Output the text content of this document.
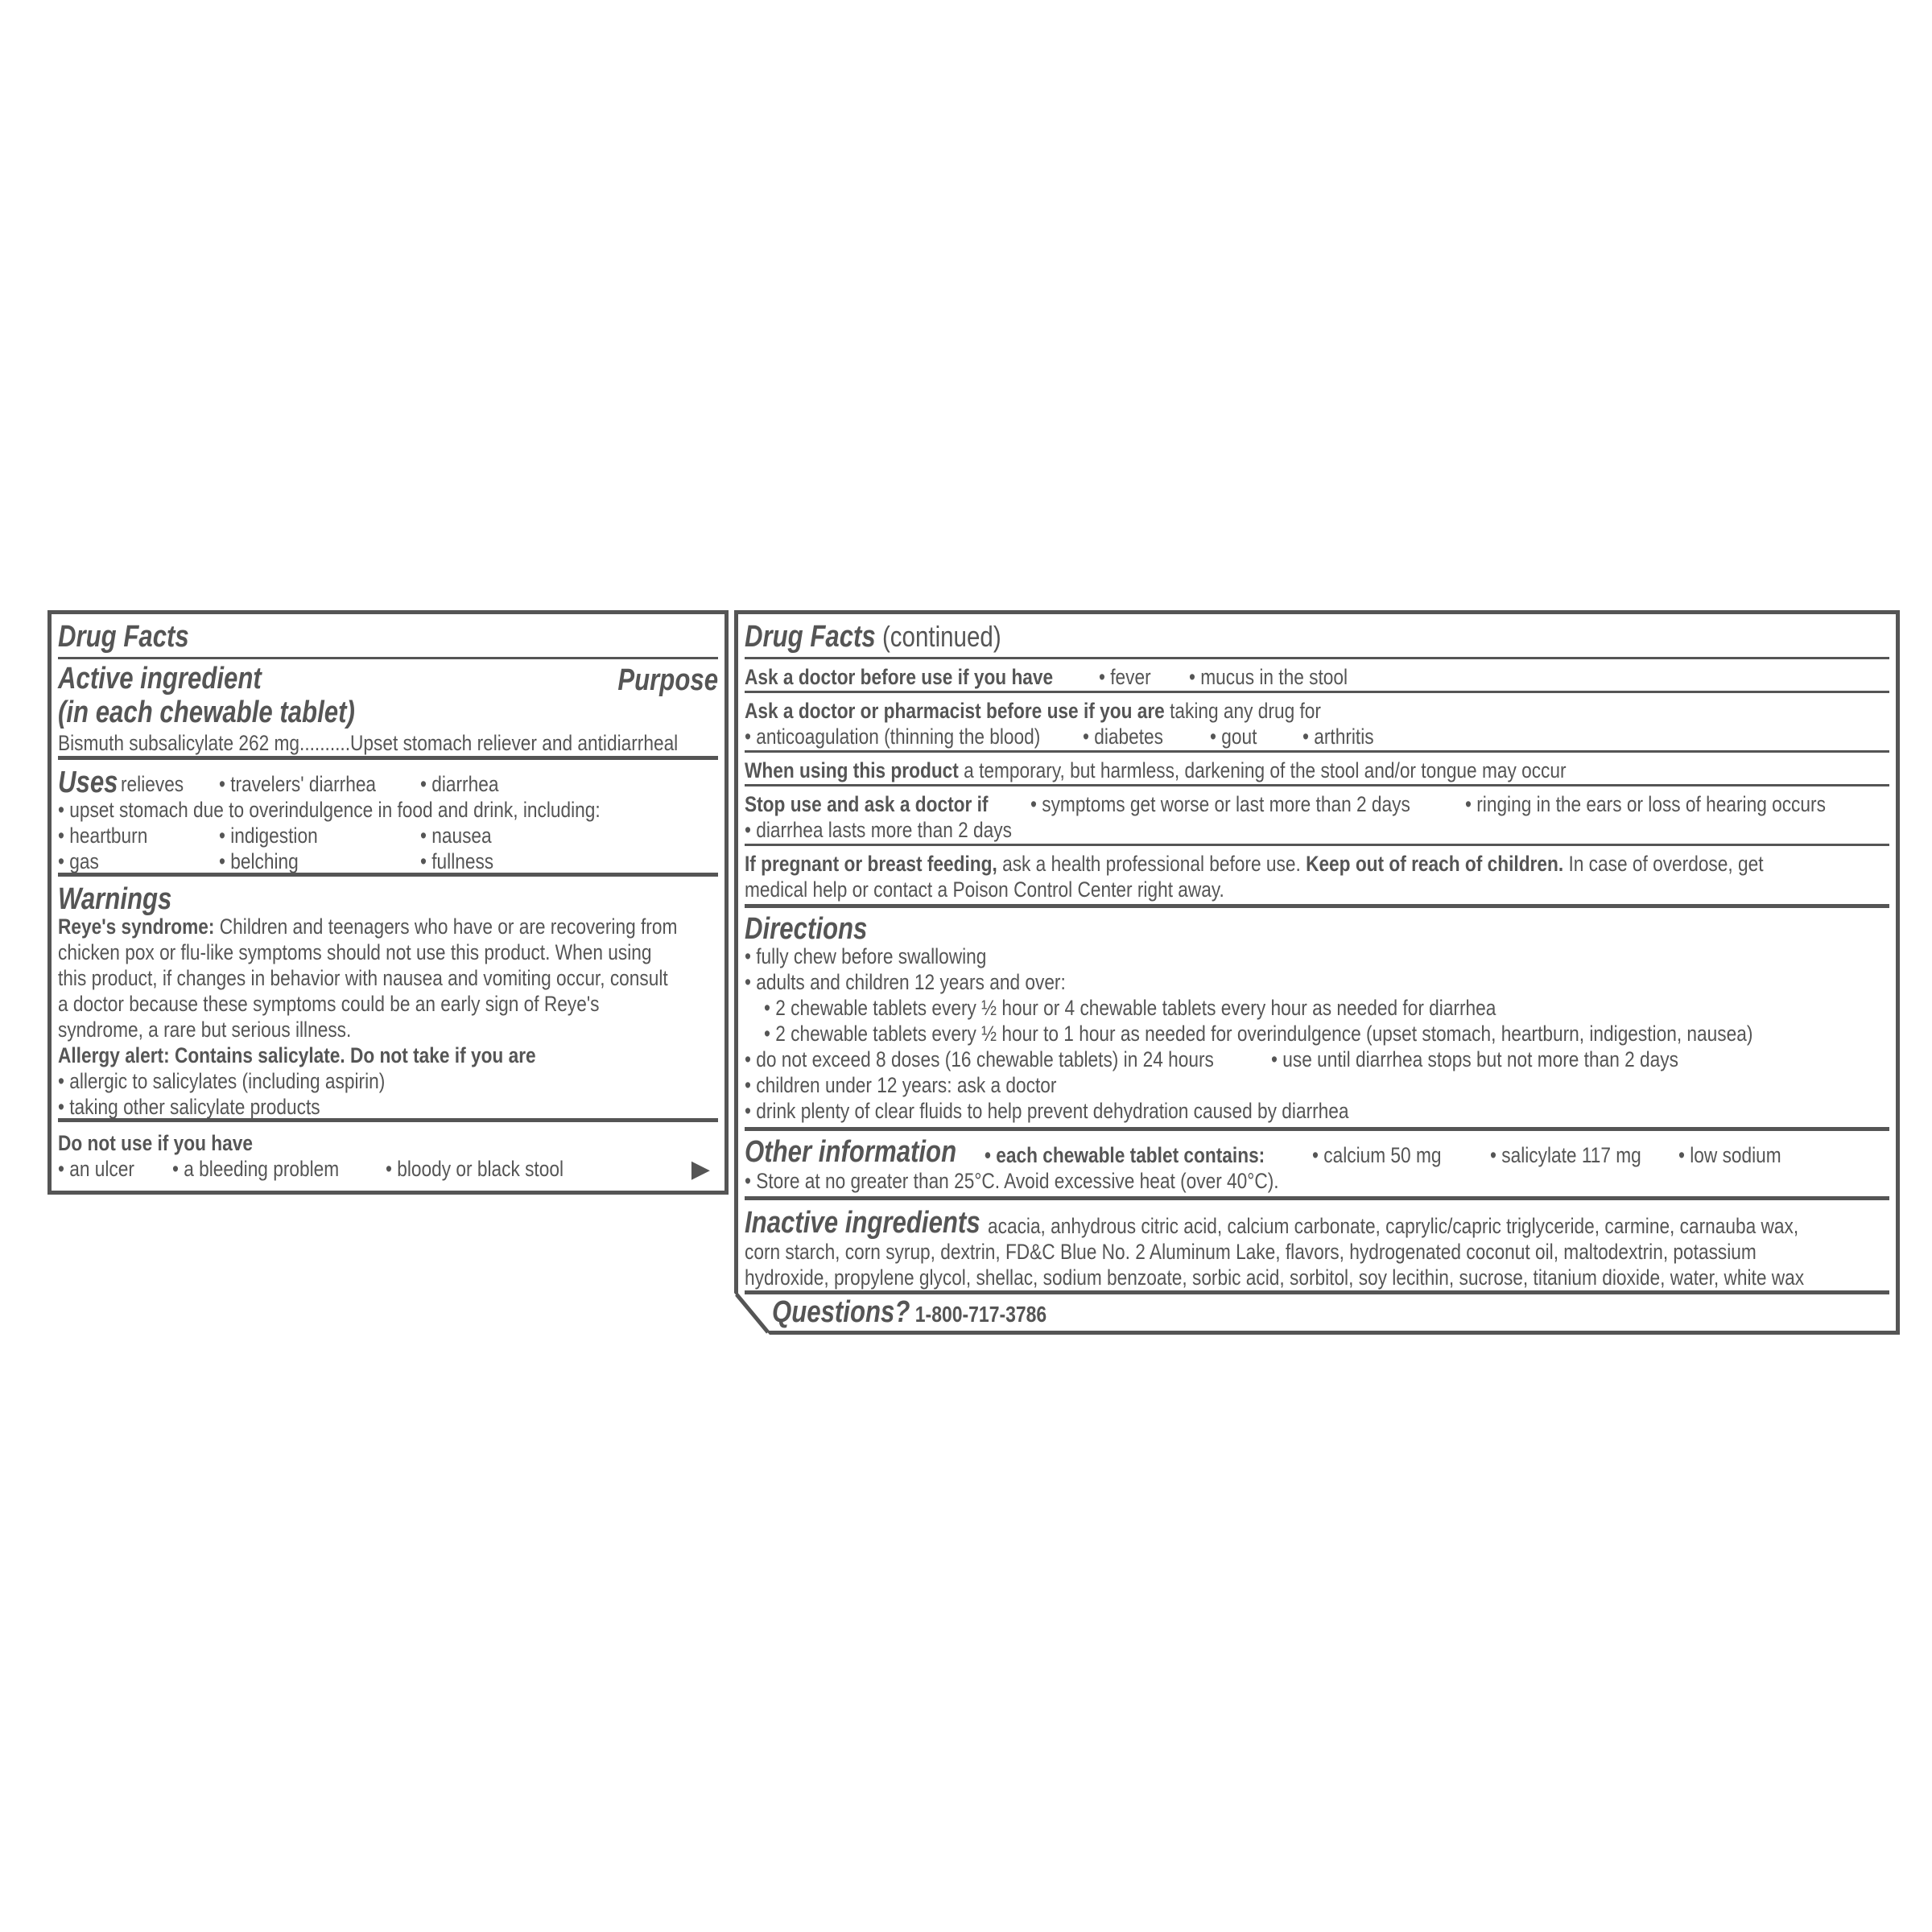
Drug Facts
Active ingredient	Purpose
(in each chewable tablet)
Bismuth subsalicylate 262 mg..........Upset stomach reliever and antidiarrheal
Uses relieves • travelers' diarrhea • diarrhea
• upset stomach due to overindulgence in food and drink, including:
• heartburn	• indigestion	• nausea
• gas	• belching	• fullness
Warnings
Reye's syndrome: Children and teenagers who have or are recovering from
chicken pox or flu-like symptoms should not use this product. When using
this product, if changes in behavior with nausea and vomiting occur, consult
a doctor because these symptoms could be an early sign of Reye's
syndrome, a rare but serious illness.
Allergy alert: Contains salicylate. Do not take if you are
• allergic to salicylates (including aspirin)
• taking other salicylate products
Do not use if you have
• an ulcer • a bleeding problem • bloody or black stool	▶
Drug Facts (continued)
Ask a doctor before use if you have • fever • mucus in the stool
Ask a doctor or pharmacist before use if you are taking any drug for
• anticoagulation (thinning the blood) • diabetes • gout • arthritis
When using this product a temporary, but harmless, darkening of the stool and/or tongue may occur
Stop use and ask a doctor if • symptoms get worse or last more than 2 days	• ringing in the ears or loss of hearing occurs
• diarrhea lasts more than 2 days
If pregnant or breast feeding, ask a health professional before use. Keep out of reach of children. In case of overdose, get
medical help or contact a Poison Control Center right away.
Directions
• fully chew before swallowing
• adults and children 12 years and over:
• 2 chewable tablets every ½ hour or 4 chewable tablets every hour as needed for diarrhea
• 2 chewable tablets every ½ hour to 1 hour as needed for overindulgence (upset stomach, heartburn, indigestion, nausea)
• do not exceed 8 doses (16 chewable tablets) in 24 hours	• use until diarrhea stops but not more than 2 days
• children under 12 years: ask a doctor
• drink plenty of clear fluids to help prevent dehydration caused by diarrhea
Other information	• each chewable tablet contains: • calcium 50 mg • salicylate 117 mg • low sodium
• Store at no greater than 25°C. Avoid excessive heat (over 40°C).
Inactive ingredients acacia, anhydrous citric acid, calcium carbonate, caprylic/capric triglyceride, carmine, carnauba wax,
corn starch, corn syrup, dextrin, FD&C Blue No. 2 Aluminum Lake, flavors, hydrogenated coconut oil, maltodextrin, potassium
hydroxide, propylene glycol, shellac, sodium benzoate, sorbic acid, sorbitol, soy lecithin, sucrose, titanium dioxide, water, white wax
Questions? 1-800-717-3786
